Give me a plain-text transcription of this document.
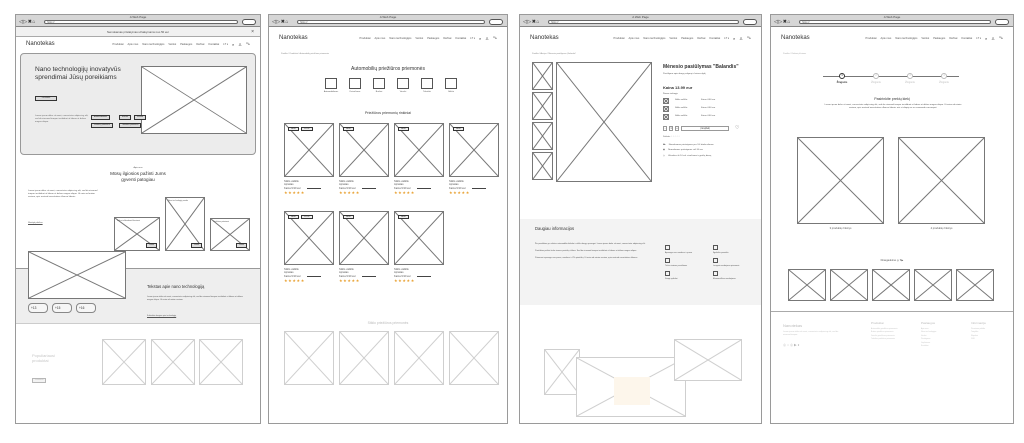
A Web Page
◁▷✖⌂	https://
Nemokamas pristatymas užsakymams nuo 50 eur	×
Nanotekas	Produktai Apie mus Nano technologijos Verslui Paslaugos Dažnai Kontaktai LT ▾ ⌕ ♙ ⛍
Nano technologijų inovatyvūs sprendimai Jūsų poreikiams
Peržiūrėti
Lorem ipsum dolor sit amet, consectetur adipiscing elit, sed do eiusmod tempor incididunt ut labore et dolore magna aliqua.
Automobiliams	Buičiai	Verslui
Dviračių priežiūrai	Tekstilės priežiūrai
Apie mus
Mūsų ilgiosios pažinti Jums gyventi patogiau
Lorem ipsum dolor sit amet, consectetur adipiscing elit, sed do eiusmod tempor incididunt ut labore et dolore magna aliqua. Ut enim ad minim veniam, quis nostrud exercitation ullamco laboris.
Skaityti plačiau
Dažnai užduodami klausimai
Žiūrėti
Nano technologijų nauda
Žiūrėti
Priežiūros patarimai
Žiūrėti
+13	+15	+16
Tekstas apie nano technologiją
Lorem ipsum dolor sit amet, consectetur adipiscing elit, sed do eiusmod tempor incididunt ut labore et dolore magna aliqua. Ut enim ad minim veniam.
Sužinokite daugiau apie technologiją
Populiariausi produktai
Peržiūrėti
A Web Page
◁▷✖⌂	https://
Nanotekas	Produktai Apie mus Nano technologijos Verslui Paslaugos Dažnai Kontaktai LT ▾ ⌕ ♙ ⛍
Pradžia / Produktai / Automobilių priežiūros priemonės
Automobilių priežiūros priemonės
Automobiliams	Dviračiams	Buičiai	Verslui	Tekstilei	Stiklui
Priežiūros priemonių rinkiniai
NEW	Lt.10€
Stiklo valiklis
Aprašas
Kaina 9.90 eur
★★★★★
NEW
Stiklo valiklis
Aprašas
Kaina 9.90 eur
★★★★★
NEW
Stiklo valiklis
Aprašas
Kaina 9.90 eur
★★★★★
NEW
Stiklo valiklis
Aprašas
Kaina 9.90 eur
★★★★★
NEW	Lt.10€
Stiklo valiklis
Aprašas
Kaina 9.90 eur
★★★★★
NEW
Stiklo valiklis
Aprašas
Kaina 9.90 eur
★★★★★
NEW
Stiklo valiklis
Aprašas
Kaina 9.90 eur
★★★★★
Stiklo priežiūros priemonės
A Web Page
◁▷✖⌂	https://
Nanotekas	Produktai Apie mus Nano technologijos Verslui Paslaugos Dažnai Kontaktai LT ▾ ⌕ ♙ ⛍
Pradžia / Akcijos / Mėnesio pasiūlymas „Balandis“
Mėnesio pasiūlymas "Balandis"
Pasiūlymo apie dangų valymą ir kainos dydį
Kaina 13.99 eur
Šiame rinkinyje
Stiklo valiklis	Kaina 4.60 eur
Stiklo valiklis	Kaina 4.60 eur
Stiklo valiklis	Kaina 4.60 eur
-	1	+	į krepšelį	♡
Dalintis ○ ○ ○ ○ ○
⛟ Nemokamas pristatymas per 3-4 darbo dienas
▣ Nemokamas pristatymas virš 50 eur
◷ Užsakius iki 14 val. siunčiame tą pačią dieną
Daugiau informacijos
Šis produktas yra skirtas automobilio kėbulo ir stiklo dangų apsaugai. Lorem ipsum dolor sit amet, consectetur adipiscing elit.
Produktas puikiai tinka visoms paviršių rūšims. Sed do eiusmod tempor incididunt ut labore et dolore magna aliqua.
Priemonė apsaugo nuo purvo, vandens ir UV spindulių. Ut enim ad minim veniam, quis nostrud exercitation ullamco.
Apsaugo nuo vandens ir purvo	Ilgalaikis poveikis
Tinka visiems paviršiams	Lengvai naudojama priemonė
Saugi aplinkai	Ekonomiškas naudojimas
A Web Page
◁▷✖⌂	https://
Nanotekas	Produktai Apie mus Nano technologijos Verslui Paslaugos Dažnai Kontaktai LT ▾ ⌕ ♙ ⛍
Pradžia / Rinkinių kūrimas
1
Žingsnis
2
Žingsnis
3
Žingsnis
4
Žingsnis
Pasirinkite prekių kiekį
Lorem ipsum dolor sit amet, consectetur adipiscing elit, sed do eiusmod tempor incididunt ut labore et dolore magna aliqua. Ut enim ad minim veniam, quis nostrud exercitation ullamco laboris nisi ut aliquip ex ea commodo consequat.
3 produktų rinkinys	4 produktų rinkinys
Draugaukime ◎ f ▶
Nanotekas
Lorem ipsum dolor sit amet, consectetur adipiscing elit, sed do eiusmod tempor.
◎○◎▶♦
Produktai
Automobilių priežiūros priemonės
Buities priežiūros priemonės
Dviračių priežiūros priemonės
Tekstilės priežiūros priemonės
Paslaugos
Apie mus
Nano technologijos
Verslui
Pristatymas
Grąžinimas
Kontaktai
Informacija
Privatumo politika
Taisyklės
Slapukai
DUK
